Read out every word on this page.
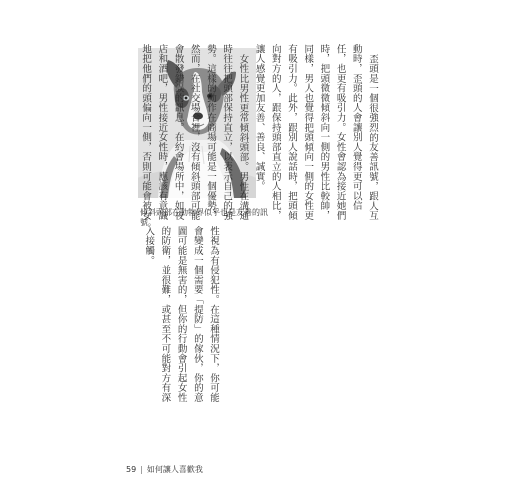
傾斜頭部在動物界似乎也是友善的訊號。

歪頭是一個很強烈的友善訊號，跟人互動時，歪頭的人會讓別人覺得更可以信任，也更有吸引力。女性會認為接近她們時，把頭微微傾斜向一側的男性比較帥，同樣，男人也覺得把頭傾向一側的女性更有吸引力。此外，跟別人說話時，把頭傾向對方的人，跟保持頭部直立的人相比，讓人感覺更加友善、善良、誠實。

女性比男性更常傾斜頭部。男性在溝通時往往把頭部保持直立，以表示自己的強勢。這樣的動作在商場可能是一個優勢，然而，在社交場合裡，沒有傾斜頭部可能會散發錯誤的訊息。在約會場所中，如夜店和酒吧，男性接近女性時，應該有意識地把他們的頭偏向一側，否則可能會被女

性視為有侵犯性。在這種情況下，你可能會變成一個需要「提防」的傢伙，你的意圖可能是無害的，但你的行動會引起女性的防衛，並很難，或甚至不可能對方有深入接觸。

59 | 如何讓人喜歡我
